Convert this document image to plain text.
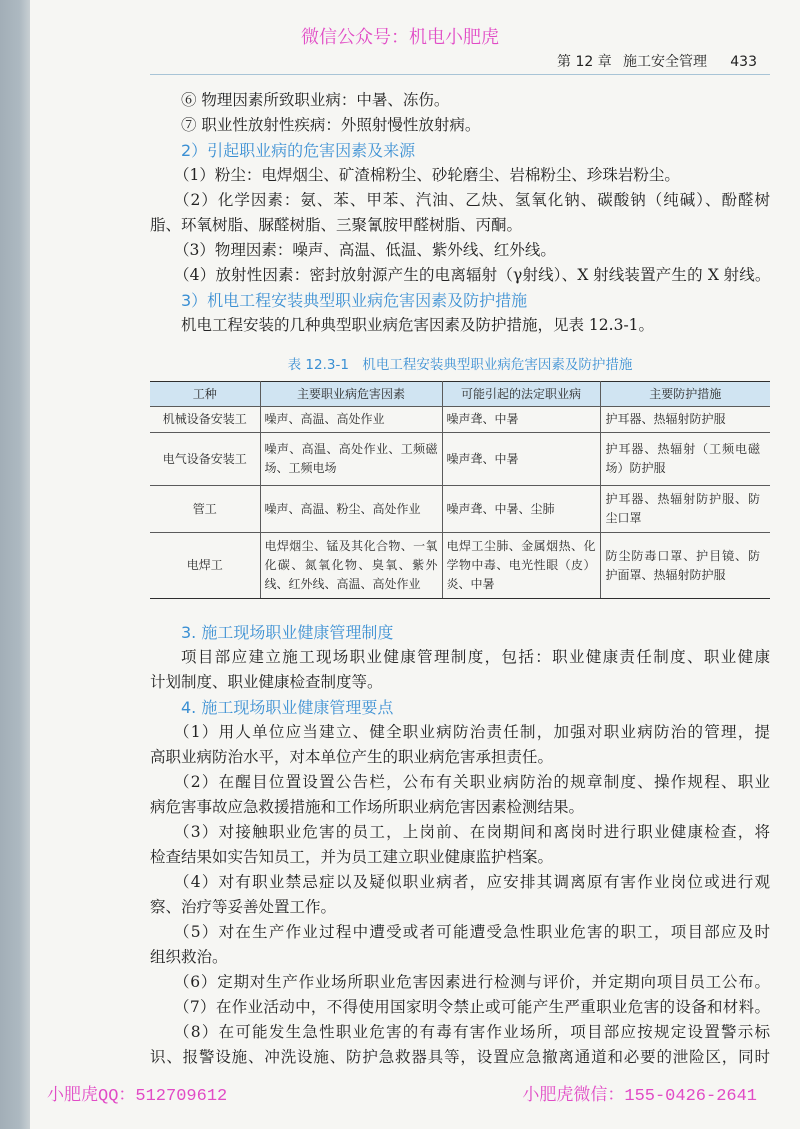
微信公众号：机电小肥虎
第 12 章 施工安全管理 433
⑥ 物理因素所致职业病：中暑、冻伤。
⑦ 职业性放射性疾病：外照射慢性放射病。
2）引起职业病的危害因素及来源
（1）粉尘：电焊烟尘、矿渣棉粉尘、砂轮磨尘、岩棉粉尘、珍珠岩粉尘。
（2）化学因素：氨、苯、甲苯、汽油、乙炔、氢氧化钠、碳酸钠（纯碱）、酚醛树
脂、环氧树脂、脲醛树脂、三聚氰胺甲醛树脂、丙酮。
（3）物理因素：噪声、高温、低温、紫外线、红外线。
（4）放射性因素：密封放射源产生的电离辐射（γ射线）、X 射线装置产生的 X 射线。
3）机电工程安装典型职业病危害因素及防护措施
机电工程安装的几种典型职业病危害因素及防护措施，见表 12.3-1。
表 12.3-1　 机电工程安装典型职业病危害因素及防护措施
工种	主要职业病危害因素	可能引起的法定职业病	主要防护措施
机械设备安装工	噪声、高温、高处作业	噪声聋、中暑	护耳器、热辐射防护服
电气设备安装工	噪声、高温、高处作业、工频磁场、工频电场	噪声聋、中暑	护耳器、热辐射（工频电磁场）防护服
管工	噪声、高温、粉尘、高处作业	噪声聋、中暑、尘肺	护耳器、热辐射防护服、防尘口罩
电焊工	电焊烟尘、锰及其化合物、一氧化碳、氮氧化物、臭氧、紫外线、红外线、高温、高处作业	电焊工尘肺、金属烟热、化学物中毒、电光性眼（皮）炎、中暑	防尘防毒口罩、护目镜、防护面罩、热辐射防护服
3. 施工现场职业健康管理制度
项目部应建立施工现场职业健康管理制度，包括：职业健康责任制度、职业健康
计划制度、职业健康检查制度等。
4. 施工现场职业健康管理要点
（1）用人单位应当建立、健全职业病防治责任制，加强对职业病防治的管理，提
高职业病防治水平，对本单位产生的职业病危害承担责任。
（2）在醒目位置设置公告栏，公布有关职业病防治的规章制度、操作规程、职业
病危害事故应急救援措施和工作场所职业病危害因素检测结果。
（3）对接触职业危害的员工，上岗前、在岗期间和离岗时进行职业健康检查，将
检查结果如实告知员工，并为员工建立职业健康监护档案。
（4）对有职业禁忌症以及疑似职业病者，应安排其调离原有害作业岗位或进行观
察、治疗等妥善处置工作。
（5）对在生产作业过程中遭受或者可能遭受急性职业危害的职工，项目部应及时
组织救治。
（6）定期对生产作业场所职业危害因素进行检测与评价，并定期向项目员工公布。
（7）在作业活动中，不得使用国家明令禁止或可能产生严重职业危害的设备和材料。
（8）在可能发生急性职业危害的有毒有害作业场所，项目部应按规定设置警示标
识、报警设施、冲洗设施、防护急救器具等，设置应急撤离通道和必要的泄险区，同时
小肥虎QQ：512709612	小肥虎微信：155-0426-2641
